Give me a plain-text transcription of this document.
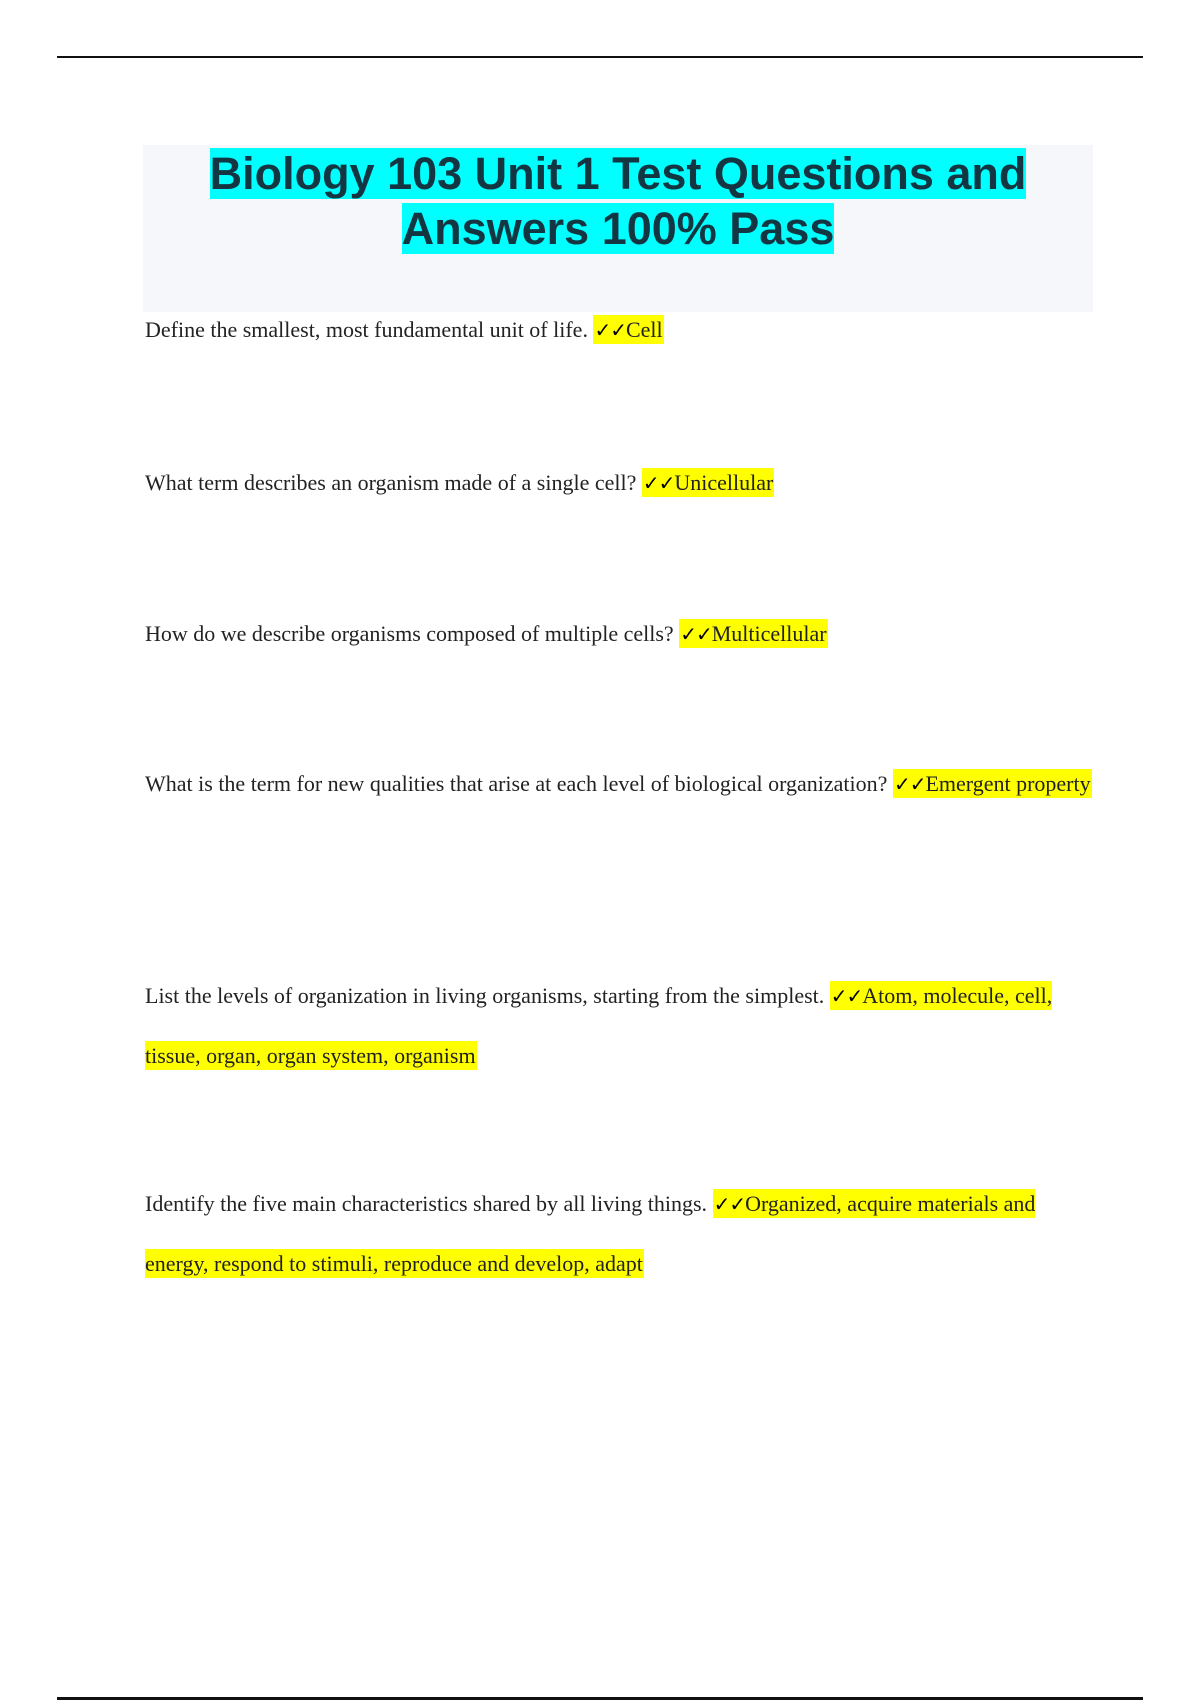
Biology 103 Unit 1 Test Questions and Answers 100% Pass

Define the smallest, most fundamental unit of life. ✓✓Cell

What term describes an organism made of a single cell? ✓✓Unicellular

How do we describe organisms composed of multiple cells? ✓✓Multicellular

What is the term for new qualities that arise at each level of biological organization? ✓✓Emergent property

List the levels of organization in living organisms, starting from the simplest. ✓✓Atom, molecule, cell, tissue, organ, organ system, organism

Identify the five main characteristics shared by all living things. ✓✓Organized, acquire materials and energy, respond to stimuli, reproduce and develop, adapt
